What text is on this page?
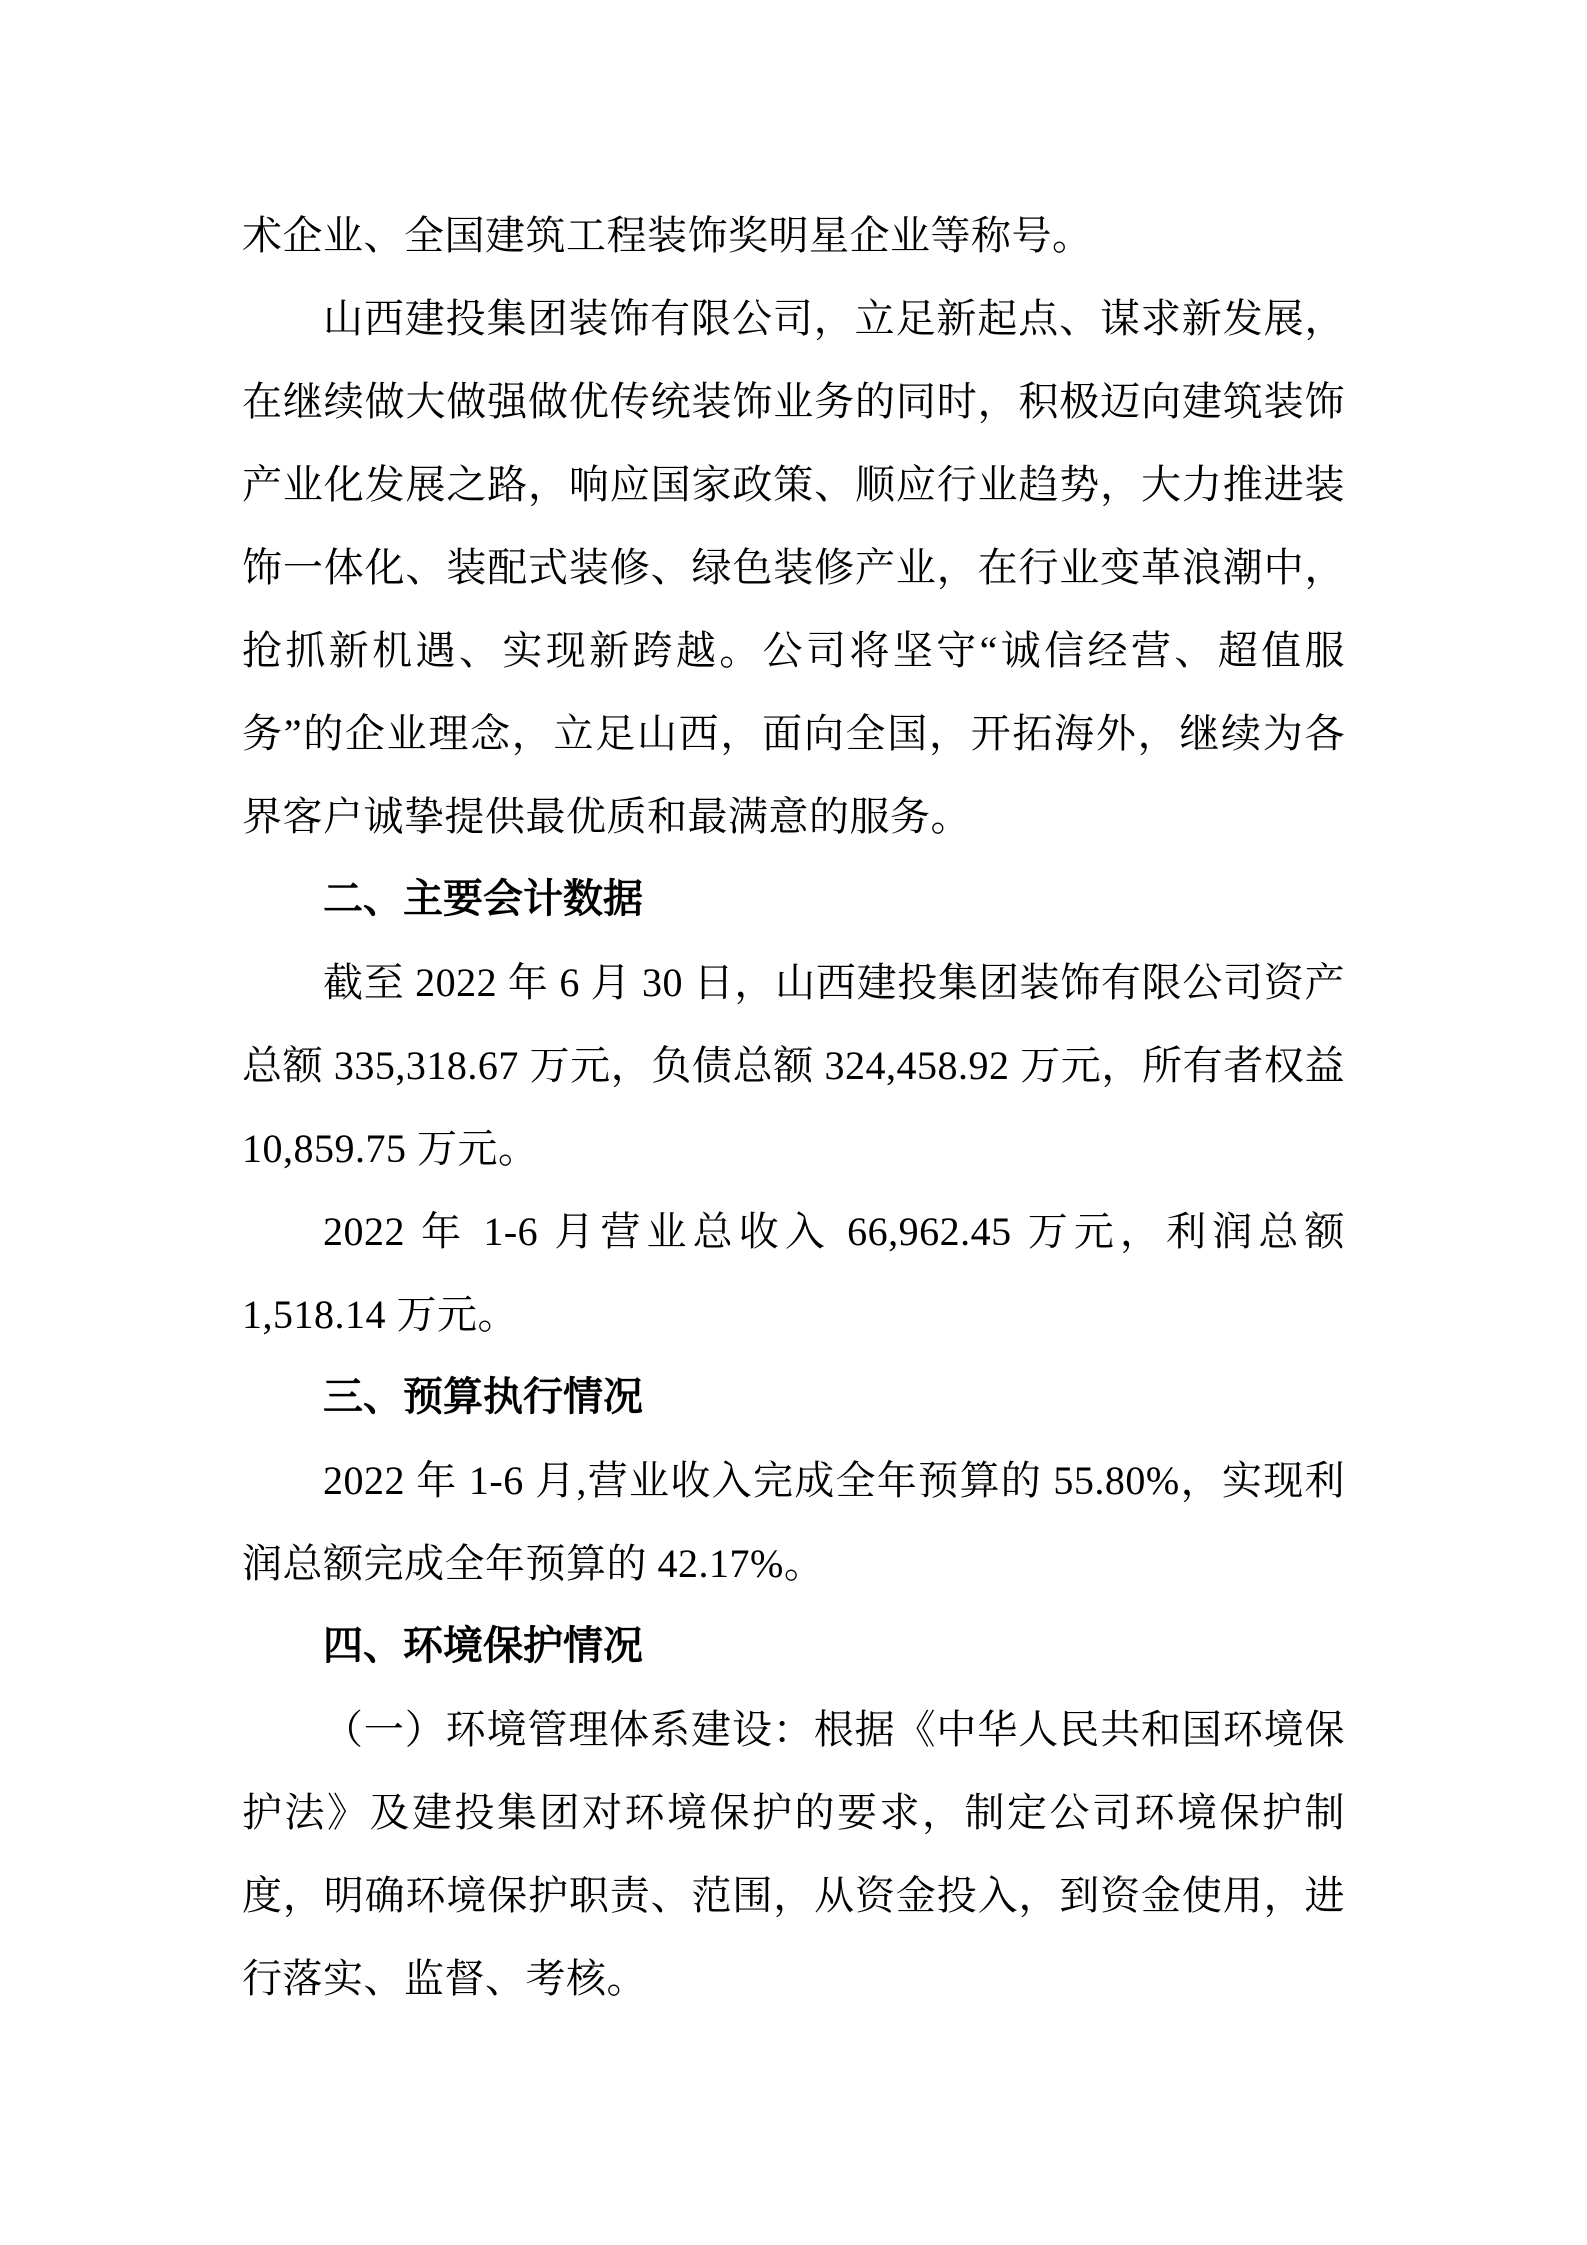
术企业、全国建筑工程装饰奖明星企业等称号。

山西建投集团装饰有限公司，立足新起点、谋求新发展，在继续做大做强做优传统装饰业务的同时，积极迈向建筑装饰产业化发展之路，响应国家政策、顺应行业趋势，大力推进装饰一体化、装配式装修、绿色装修产业，在行业变革浪潮中，抢抓新机遇、实现新跨越。公司将坚守“诚信经营、超值服务”的企业理念，立足山西，面向全国，开拓海外，继续为各界客户诚挚提供最优质和最满意的服务。

二、主要会计数据

截至 2022 年 6 月 30 日，山西建投集团装饰有限公司资产总额 335,318.67 万元，负债总额 324,458.92 万元，所有者权益 10,859.75 万元。

2022 年 1-6 月营业总收入 66,962.45 万元，利润总额 1,518.14 万元。

三、预算执行情况

2022 年 1-6 月,营业收入完成全年预算的 55.80%，实现利润总额完成全年预算的 42.17%。

四、环境保护情况

（一）环境管理体系建设：根据《中华人民共和国环境保护法》及建投集团对环境保护的要求，制定公司环境保护制度，明确环境保护职责、范围，从资金投入，到资金使用，进行落实、监督、考核。
